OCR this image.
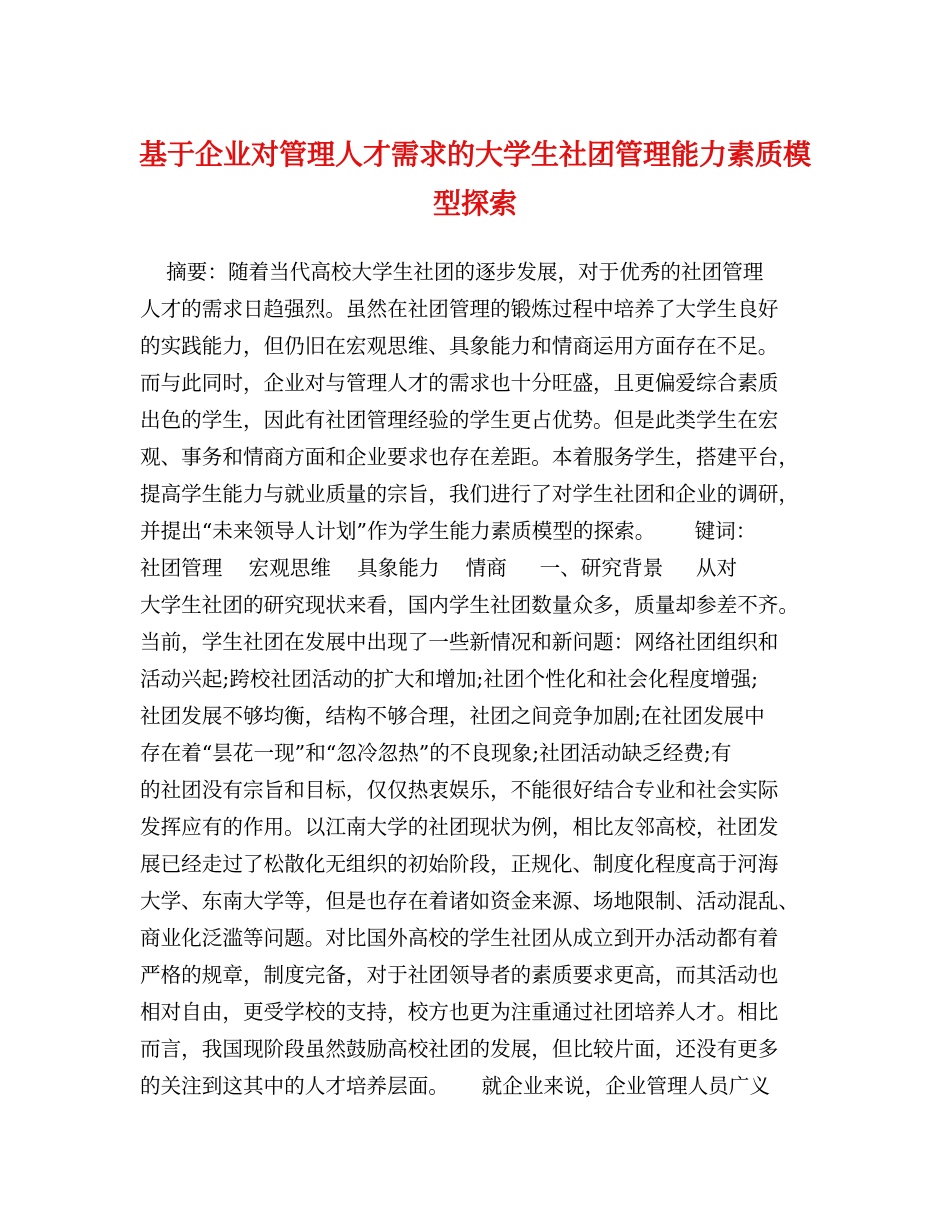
基于企业对管理人才需求的大学生社团管理能力素质模
型探索
摘要：随着当代高校大学生社团的逐步发展，对于优秀的社团管理
人才的需求日趋强烈。虽然在社团管理的锻炼过程中培养了大学生良好
的实践能力，但仍旧在宏观思维、具象能力和情商运用方面存在不足。
而与此同时，企业对与管理人才的需求也十分旺盛，且更偏爱综合素质
出色的学生，因此有社团管理经验的学生更占优势。但是此类学生在宏
观、事务和情商方面和企业要求也存在差距。本着服务学生，搭建平台，
提高学生能力与就业质量的宗旨，我们进行了对学生社团和企业的调研，
并提出“未来领导人计划”作为学生能力素质模型的探索。      键词：
社团管理    宏观思维    具象能力    情商     一、研究背景     从对
大学生社团的研究现状来看，国内学生社团数量众多，质量却参差不齐。
当前，学生社团在发展中出现了一些新情况和新问题：网络社团组织和
活动兴起;跨校社团活动的扩大和增加;社团个性化和社会化程度增强;
社团发展不够均衡，结构不够合理，社团之间竞争加剧;在社团发展中
存在着“昙花一现”和“忽冷忽热”的不良现象;社团活动缺乏经费;有
的社团没有宗旨和目标，仅仅热衷娱乐，不能很好结合专业和社会实际
发挥应有的作用。以江南大学的社团现状为例，相比友邻高校，社团发
展已经走过了松散化无组织的初始阶段，正规化、制度化程度高于河海
大学、东南大学等，但是也存在着诸如资金来源、场地限制、活动混乱、
商业化泛滥等问题。对比国外高校的学生社团从成立到开办活动都有着
严格的规章，制度完备，对于社团领导者的素质要求更高，而其活动也
相对自由，更受学校的支持，校方也更为注重通过社团培养人才。相比
而言，我国现阶段虽然鼓励高校社团的发展，但比较片面，还没有更多
的关注到这其中的人才培养层面。     就企业来说，企业管理人员广义
